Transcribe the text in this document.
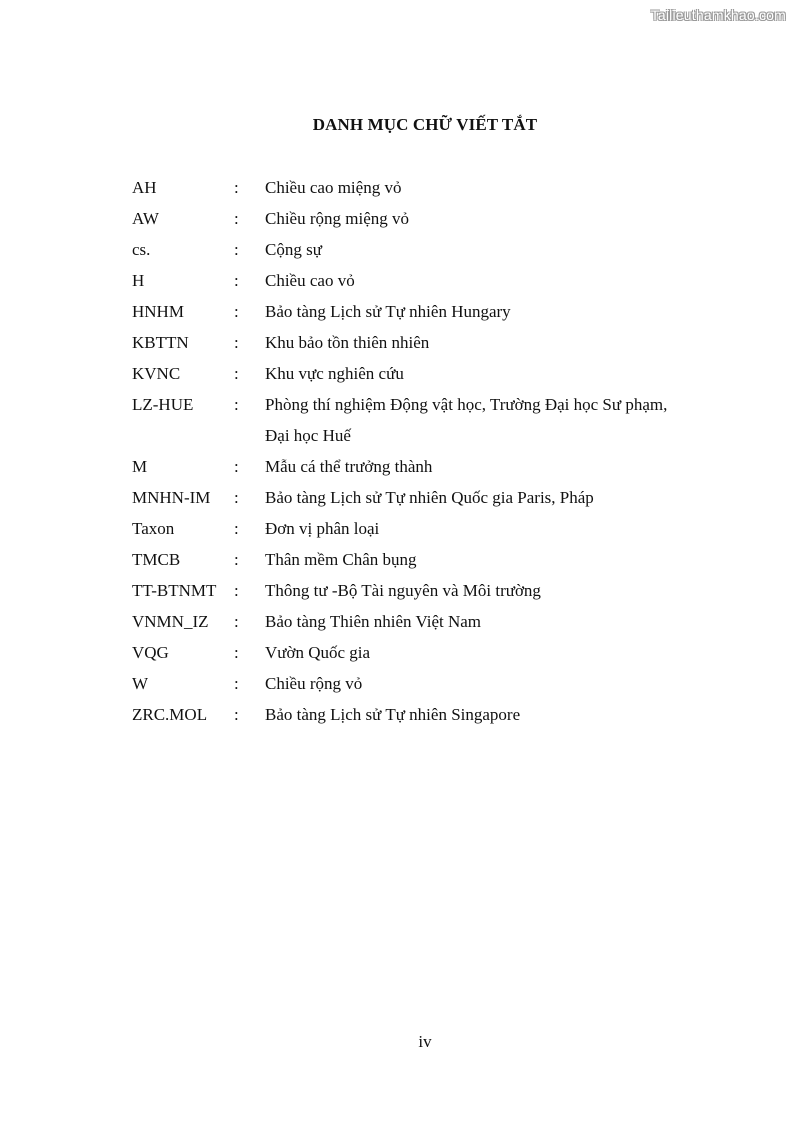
Tailieuthamkhao.com
DANH MỤC CHỮ VIẾT TẮT
AH	:	Chiều cao miệng vỏ
AW	:	Chiều rộng miệng vỏ
cs.	:	Cộng sự
H	:	Chiều cao vỏ
HNHM	:	Bảo tàng Lịch sử Tự nhiên Hungary
KBTTN	:	Khu bảo tồn thiên nhiên
KVNC	:	Khu vực nghiên cứu
LZ-HUE	:	Phòng thí nghiệm Động vật học, Trường Đại học Sư phạm,
Đại học Huế
M	:	Mẫu cá thể trưởng thành
MNHN-IM	:	Bảo tàng Lịch sử Tự nhiên Quốc gia Paris, Pháp
Taxon	:	Đơn vị phân loại
TMCB	:	Thân mềm Chân bụng
TT-BTNMT	:	Thông tư -Bộ Tài nguyên và Môi trường
VNMN_IZ	:	Bảo tàng Thiên nhiên Việt Nam
VQG	:	Vườn Quốc gia
W	:	Chiều rộng vỏ
ZRC.MOL	:	Bảo tàng Lịch sử Tự nhiên Singapore
iv
